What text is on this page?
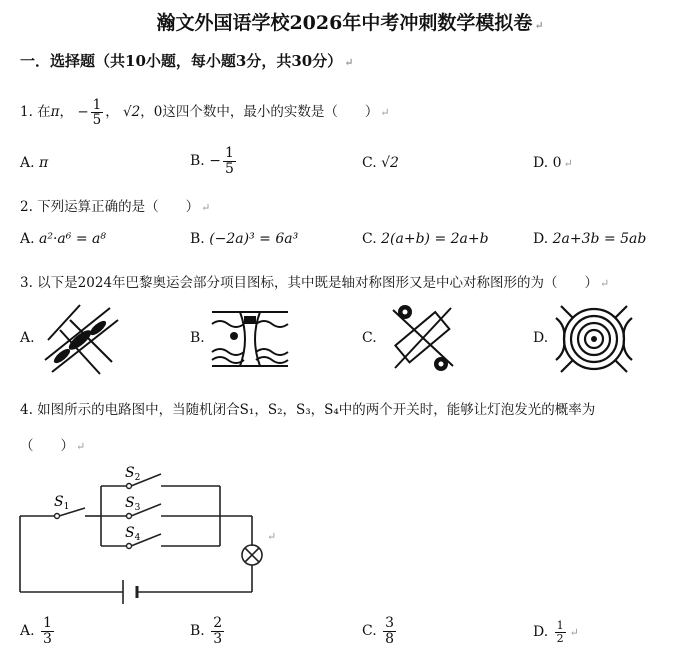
瀚文外国语学校2026年中考冲刺数学模拟卷 ↵
一．选择题（共10小题，每小题3分，共30分） ↵
1. 在π， − $\frac{1}{5}$ ， √2，0这四个数中，最小的实数是（　　） ↵
A. π	B. − $\frac{1}{5}$	C. √2	D. 0 ↵
2. 下列运算正确的是（　　） ↵
A. a²·a⁶ = a⁸	B. (−2a)³ = 6a³	C. 2(a+b) = 2a+b	D. 2a+3b = 5ab
3. 以下是2024年巴黎奥运会部分项目图标，其中既是轴对称图形又是中心对称图形的为（　　） ↵
A.	B.	C.	D.
4. 如图所示的电路图中，当随机闭合S₁，S₂，S₃，S₄中的两个开关时，能够让灯泡发光的概率为
（　　） ↵
$S_1$
$S_2$
$S_3$
$S_4$	↵
A. $\frac{1}{3}$	B. $\frac{2}{3}$	C. $\frac{3}{8}$	D. $\frac{1}{2}$ ↵
